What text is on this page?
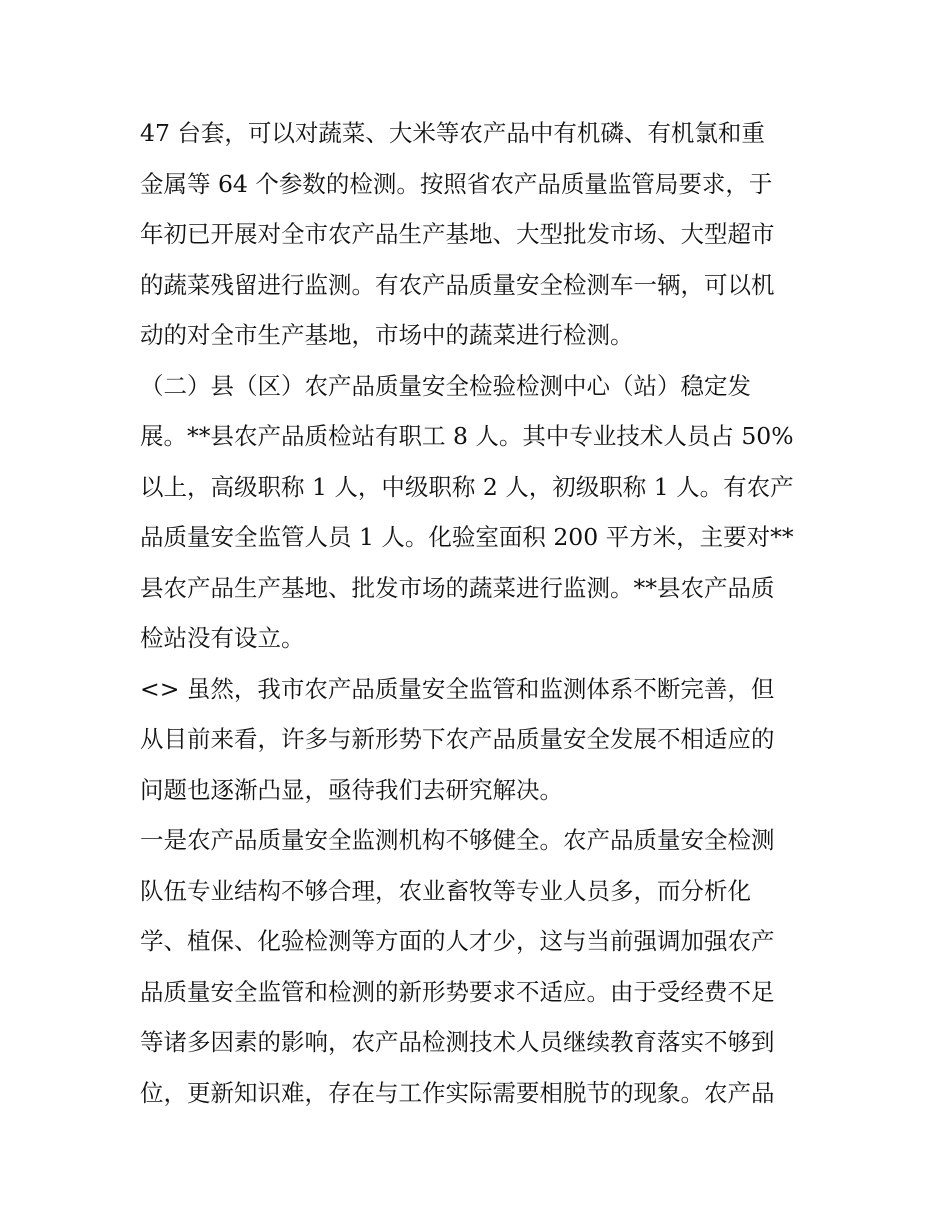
47 台套，可以对蔬菜、大米等农产品中有机磷、有机氯和重
金属等 64 个参数的检测。按照省农产品质量监管局要求，于
年初已开展对全市农产品生产基地、大型批发市场、大型超市
的蔬菜残留进行监测。有农产品质量安全检测车一辆，可以机
动的对全市生产基地，市场中的蔬菜进行检测。
（二）县（区）农产品质量安全检验检测中心（站）稳定发
展。**县农产品质检站有职工 8 人。其中专业技术人员占 50%
以上，高级职称 1 人，中级职称 2 人，初级职称 1 人。有农产
品质量安全监管人员 1 人。化验室面积 200 平方米，主要对**
县农产品生产基地、批发市场的蔬菜进行监测。**县农产品质
检站没有设立。
<> 虽然，我市农产品质量安全监管和监测体系不断完善，但
从目前来看，许多与新形势下农产品质量安全发展不相适应的
问题也逐渐凸显，亟待我们去研究解决。
一是农产品质量安全监测机构不够健全。农产品质量安全检测
队伍专业结构不够合理，农业畜牧等专业人员多，而分析化
学、植保、化验检测等方面的人才少，这与当前强调加强农产
品质量安全监管和检测的新形势要求不适应。由于受经费不足
等诸多因素的影响，农产品检测技术人员继续教育落实不够到
位，更新知识难，存在与工作实际需要相脱节的现象。农产品
